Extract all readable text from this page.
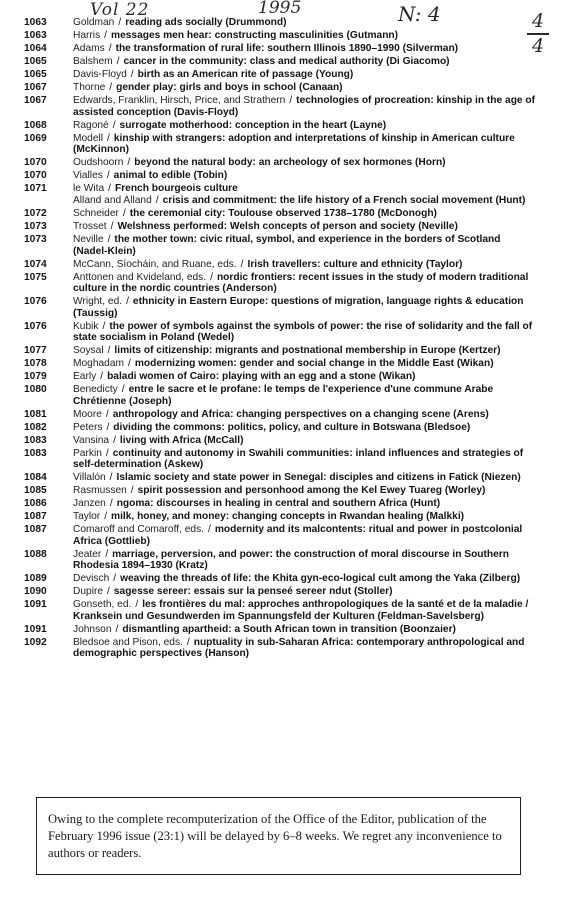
Vol 22	1995	N: 4	4
4
1063	Goldman / reading ads socially (Drummond)
1063	Harris / messages men hear: constructing masculinities (Gutmann)
1064	Adams / the transformation of rural life: southern Illinois 1890–1990 (Silverman)
1065	Balshem / cancer in the community: class and medical authority (Di Giacomo)
1065	Davis-Floyd / birth as an American rite of passage (Young)
1067	Thorne / gender play: girls and boys in school (Canaan)
1067	Edwards, Franklin, Hirsch, Price, and Strathern / technologies of procreation: kinship in the age of assisted conception (Davis-Floyd)
1068	Ragoné / surrogate motherhood: conception in the heart (Layne)
1069	Modell / kinship with strangers: adoption and interpretations of kinship in American culture (McKinnon)
1070	Oudshoorn / beyond the natural body: an archeology of sex hormones (Horn)
1070	Vialles / animal to edible (Tobin)
1071	le Wita / French bourgeois culture
Alland and Alland / crisis and commitment: the life history of a French social movement (Hunt)
1072	Schneider / the ceremonial city: Toulouse observed 1738–1780 (McDonogh)
1073	Trosset / Welshness performed: Welsh concepts of person and society (Neville)
1073	Neville / the mother town: civic ritual, symbol, and experience in the borders of Scotland (Nadel-Klein)
1074	McCann, Síocháin, and Ruane, eds. / Irish travellers: culture and ethnicity (Taylor)
1075	Anttonen and Kvideland, eds. / nordic frontiers: recent issues in the study of modern traditional culture in the nordic countries (Anderson)
1076	Wright, ed. / ethnicity in Eastern Europe: questions of migration, language rights & education (Taussig)
1076	Kubik / the power of symbols against the symbols of power: the rise of solidarity and the fall of state socialism in Poland (Wedel)
1077	Soysal / limits of citizenship: migrants and postnational membership in Europe (Kertzer)
1078	Moghadam / modernizing women: gender and social change in the Middle East (Wikan)
1079	Early / baladi women of Cairo: playing with an egg and a stone (Wikan)
1080	Benedicty / entre le sacre et le profane: le temps de l'experience d'une commune Arabe Chrétienne (Joseph)
1081	Moore / anthropology and Africa: changing perspectives on a changing scene (Arens)
1082	Peters / dividing the commons: politics, policy, and culture in Botswana (Bledsoe)
1083	Vansina / living with Africa (McCall)
1083	Parkin / continuity and autonomy in Swahili communities: inland influences and strategies of self-determination (Askew)
1084	Villalón / Islamic society and state power in Senegal: disciples and citizens in Fatick (Niezen)
1085	Rasmussen / spirit possession and personhood among the Kel Ewey Tuareg (Worley)
1086	Janzen / ngoma: discourses in healing in central and southern Africa (Hunt)
1087	Taylor / milk, honey, and money: changing concepts in Rwandan healing (Malkki)
1087	Comaroff and Comaroff, eds. / modernity and its malcontents: ritual and power in postcolonial Africa (Gottlieb)
1088	Jeater / marriage, perversion, and power: the construction of moral discourse in Southern Rhodesia 1894–1930 (Kratz)
1089	Devisch / weaving the threads of life: the Khita gyn-eco-logical cult among the Yaka (Zilberg)
1090	Dupire / sagesse sereer: essais sur la penseé sereer ndut (Stoller)
1091	Gonseth, ed. / les frontières du mal: approches anthropologiques de la santé et de la maladie / Kranksein und Gesundwerden im Spannungsfeld der Kulturen (Feldman-Savelsberg)
1091	Johnson / dismantling apartheid: a South African town in transition (Boonzaier)
1092	Bledsoe and Pison, eds. / nuptuality in sub-Saharan Africa: contemporary anthropological and demographic perspectives (Hanson)
Owing to the complete recomputerization of the Office of the Editor, publication of the February 1996 issue (23:1) will be delayed by 6–8 weeks. We regret any inconvenience to authors or readers.
